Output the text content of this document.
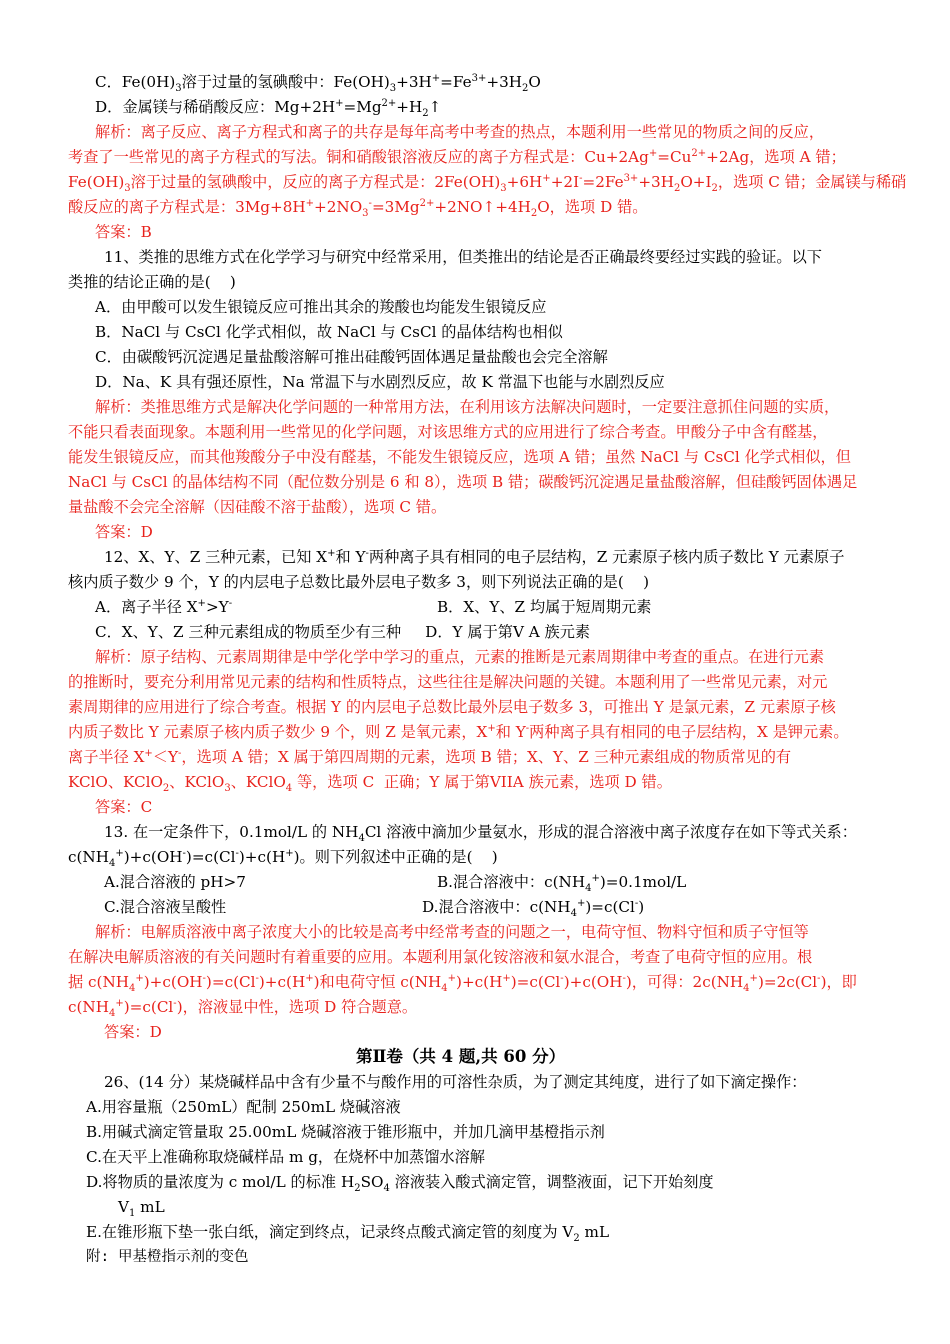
C．$Fe(0H)_3$溶于过量的氢碘酸中：$Fe(OH)_3+3H^+=Fe^{3+}+3H_2O$
D．金属镁与稀硝酸反应：$Mg+2H^+=Mg^{2+}+H_2↑$
解析：离子反应、离子方程式和离子的共存是每年高考中考查的热点，本题利用一些常见的物质之间的反应，
考查了一些常见的离子方程式的写法。铜和硝酸银溶液反应的离子方程式是：$Cu+2Ag^+=Cu^{2+}+2Ag$，选项 A 错；
$Fe(OH)_3$溶于过量的氢碘酸中，反应的离子方程式是：$2Fe(OH)_3+6H^++2I^-=2Fe^{3+}+3H_2O+I_2$，选项 C 错；金属镁与稀硝
酸反应的离子方程式是：$3Mg+8H^++2NO_3^-=3Mg^{2+}+2NO↑+4H_2O$，选项 D 错。
答案：B
11、类推的思维方式在化学学习与研究中经常采用，但类推出的结论是否正确最终要经过实践的验证。以下
类推的结论正确的是(    )
A．由甲酸可以发生银镜反应可推出其余的羧酸也均能发生银镜反应
B．NaCl 与 CsCl 化学式相似，故 NaCl 与 CsCl 的晶体结构也相似
C．由碳酸钙沉淀遇足量盐酸溶解可推出硅酸钙固体遇足量盐酸也会完全溶解
D．Na、K 具有强还原性，Na 常温下与水剧烈反应，故 K 常温下也能与水剧烈反应
解析：类推思维方式是解决化学问题的一种常用方法，在利用该方法解决问题时，一定要注意抓住问题的实质，
不能只看表面现象。本题利用一些常见的化学问题，对该思维方式的应用进行了综合考查。甲酸分子中含有醛基，
能发生银镜反应，而其他羧酸分子中没有醛基，不能发生银镜反应，选项 A 错；虽然 NaCl 与 CsCl 化学式相似，但
NaCl 与 CsCl 的晶体结构不同（配位数分别是 6 和 8），选项 B 错；碳酸钙沉淀遇足量盐酸溶解，但硅酸钙固体遇足
量盐酸不会完全溶解（因硅酸不溶于盐酸），选项 C 错。
答案：D
12、X、Y、Z 三种元素，已知 X+和 Y-两种离子具有相同的电子层结构，Z 元素原子核内质子数比 Y 元素原子
核内质子数少 9 个，Y 的内层电子总数比最外层电子数多 3，则下列说法正确的是(    )
A．离子半径 X+>Y-	B．X、Y、Z 均属于短周期元素
C．X、Y、Z 三种元素组成的物质至少有三种     D．Y 属于第Ⅴ A 族元素
解析：原子结构、元素周期律是中学化学中学习的重点，元素的推断是元素周期律中考查的重点。在进行元素
的推断时，要充分利用常见元素的结构和性质特点，这些往往是解决问题的关键。本题利用了一些常见元素，对元
素周期律的应用进行了综合考查。根据 Y 的内层电子总数比最外层电子数多 3，可推出 Y 是氯元素，Z 元素原子核
内质子数比 Y 元素原子核内质子数少 9 个，则 Z 是氧元素，X+和 Y-两种离子具有相同的电子层结构，X 是钾元素。
离子半径 X+＜Y-，选项 A 错；X 属于第四周期的元素，选项 B 错；X、Y、Z 三种元素组成的物质常见的有
KClO、KClO$_2$、KClO$_3$、KClO$_4$ 等，选项 C  正确；Y 属于第VIIA 族元素，选项 D 错。
答案：C
13. 在一定条件下，0.1mol/L 的 $NH_4Cl$ 溶液中滴加少量氨水，形成的混合溶液中离子浓度存在如下等式关系：
$c(NH_4^+)+c(OH^-)=c(Cl^-)+c(H^+)$。则下列叙述中正确的是(    )
A.混合溶液的 pH>7	B.混合溶液中：$c(NH_4^+)=0.1mol/L$
C.混合溶液呈酸性	D.混合溶液中：$c(NH_4^+)=c(Cl^-)$
解析：电解质溶液中离子浓度大小的比较是高考中经常考查的问题之一，电荷守恒、物料守恒和质子守恒等
在解决电解质溶液的有关问题时有着重要的应用。本题利用氯化铵溶液和氨水混合，考查了电荷守恒的应用。根
据 $c(NH_4^+)+c(OH^-)=c(Cl^-)+c(H^+)$和电荷守恒 $c(NH_4^+)+c(H^+)=c(Cl^-)+c(OH^-)$，可得：$2c(NH_4^+)=2c(Cl^-)$，即
$c(NH_4^+)=c(Cl^-)$，溶液显中性，选项 D 符合题意。
答案：D
第Ⅱ卷（共 4 题,共 60 分）
26、(14 分）某烧碱样品中含有少量不与酸作用的可溶性杂质，为了测定其纯度，进行了如下滴定操作：
A.用容量瓶（250mL）配制 250mL 烧碱溶液
B.用碱式滴定管量取 25.00mL 烧碱溶液于锥形瓶中，并加几滴甲基橙指示剂
C.在天平上准确称取烧碱样品 m g，在烧杯中加蒸馏水溶解
D.将物质的量浓度为 c mol/L 的标准 $H_2SO_4$ 溶液装入酸式滴定管，调整液面，记下开始刻度
$V_1$ mL
E.在锥形瓶下垫一张白纸，滴定到终点，记录终点酸式滴定管的刻度为 $V_2$ mL
附: 甲基橙指示剂的变色
